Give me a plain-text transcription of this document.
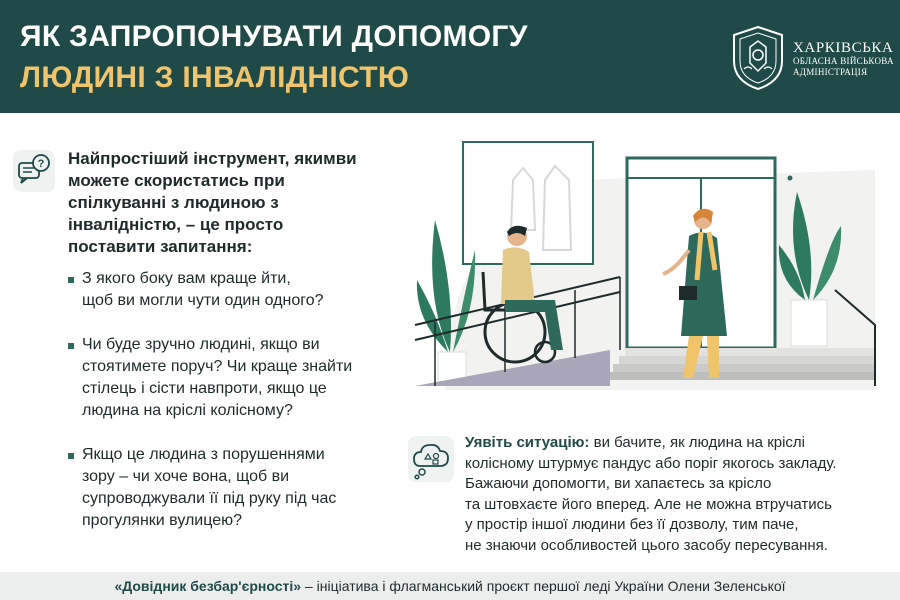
ЯК ЗАПРОПОНУВАТИ ДОПОМОГУ
ЛЮДИНІ З ІНВАЛІДНІСТЮ
ХАРКІВСЬКА
ОБЛАСНА ВІЙСЬКОВА
АДМІНІСТРАЦІЯ
? Найпростіший інструмент, якимви можете скористатись при спілкуванні з людиною з інвалідністю, – це просто поставити запитання:
З якого боку вам краще йти,
щоб ви могли чути один одного?
Чи буде зручно людині, якщо ви
стоятимете поруч? Чи краще знайти
стілець і сісти навпроти, якщо це
людина на кріслі колісному?
Якщо це людина з порушеннями
зору – чи хоче вона, щоб ви
супроводжували її під руку під час
прогулянки вулицею?
Уявіть ситуацію: ви бачите, як людина на кріслі
колісному штурмує пандус або поріг якогось закладу.
Бажаючи допомогти, ви хапаєтесь за крісло
та штовхаєте його вперед. Але не можна втручатись
у простір іншої людини без її дозволу, тим паче,
не знаючи особливостей цього засобу пересування.
«Довідник безбар'єрності» – ініціатива і флагманський проєкт першої леді України Олени Зеленської
